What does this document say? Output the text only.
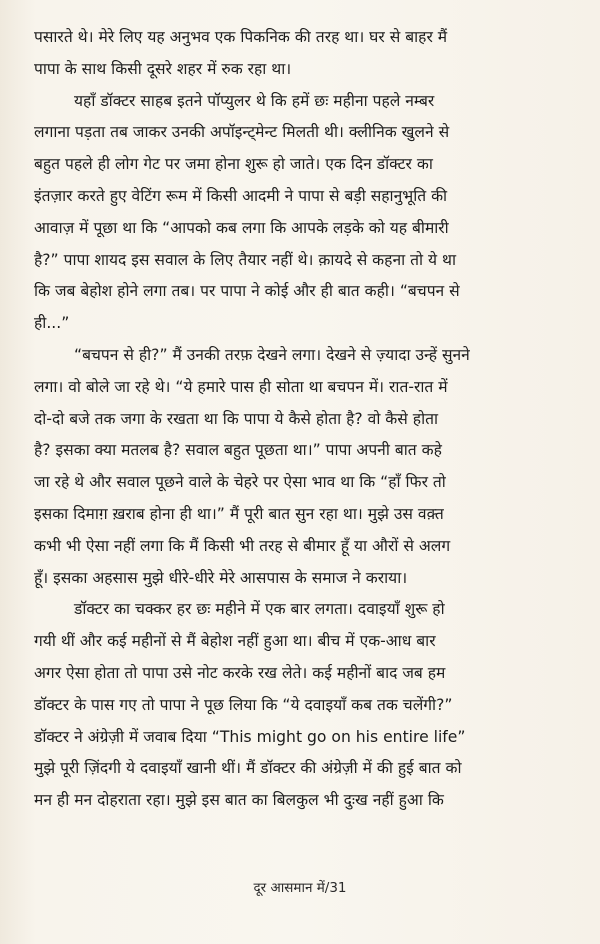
पसारते थे। मेरे लिए यह अनुभव एक पिकनिक की तरह था। घर से बाहर मैं
पापा के साथ किसी दूसरे शहर में रुक रहा था।
यहाँ डॉक्टर साहब इतने पॉप्युलर थे कि हमें छः महीना पहले नम्बर
लगाना पड़ता तब जाकर उनकी अपॉइन्ट्मेन्ट मिलती थी। क्लीनिक खुलने से
बहुत पहले ही लोग गेट पर जमा होना शुरू हो जाते। एक दिन डॉक्टर का
इंतज़ार करते हुए वेटिंग रूम में किसी आदमी ने पापा से बड़ी सहानुभूति की
आवाज़ में पूछा था कि “आपको कब लगा कि आपके लड़के को यह बीमारी
है?” पापा शायद इस सवाल के लिए तैयार नहीं थे। क़ायदे से कहना तो ये था
कि जब बेहोश होने लगा तब। पर पापा ने कोई और ही बात कही। “बचपन से
ही...”
“बचपन से ही?” मैं उनकी तरफ़ देखने लगा। देखने से ज़्यादा उन्हें सुनने
लगा। वो बोले जा रहे थे। “ये हमारे पास ही सोता था बचपन में। रात-रात में
दो-दो बजे तक जगा के रखता था कि पापा ये कैसे होता है? वो कैसे होता
है? इसका क्या मतलब है? सवाल बहुत पूछता था।” पापा अपनी बात कहे
जा रहे थे और सवाल पूछने वाले के चेहरे पर ऐसा भाव था कि “हाँ फिर तो
इसका दिमाग़ ख़राब होना ही था।” मैं पूरी बात सुन रहा था। मुझे उस वक़्त
कभी भी ऐसा नहीं लगा कि मैं किसी भी तरह से बीमार हूँ या औरों से अलग
हूँ। इसका अहसास मुझे धीरे-धीरे मेरे आसपास के समाज ने कराया।
डॉक्टर का चक्कर हर छः महीने में एक बार लगता। दवाइयाँ शुरू हो
गयी थीं और कई महीनों से मैं बेहोश नहीं हुआ था। बीच में एक-आध बार
अगर ऐसा होता तो पापा उसे नोट करके रख लेते। कई महीनों बाद जब हम
डॉक्टर के पास गए तो पापा ने पूछ लिया कि “ये दवाइयाँ कब तक चलेंगी?”
डॉक्टर ने अंग्रेज़ी में जवाब दिया “This might go on his entire life”
मुझे पूरी ज़िंदगी ये दवाइयाँ खानी थीं। मैं डॉक्टर की अंग्रेज़ी में की हुई बात को
मन ही मन दोहराता रहा। मुझे इस बात का बिलकुल भी दुःख नहीं हुआ कि
दूर आसमान में/31
